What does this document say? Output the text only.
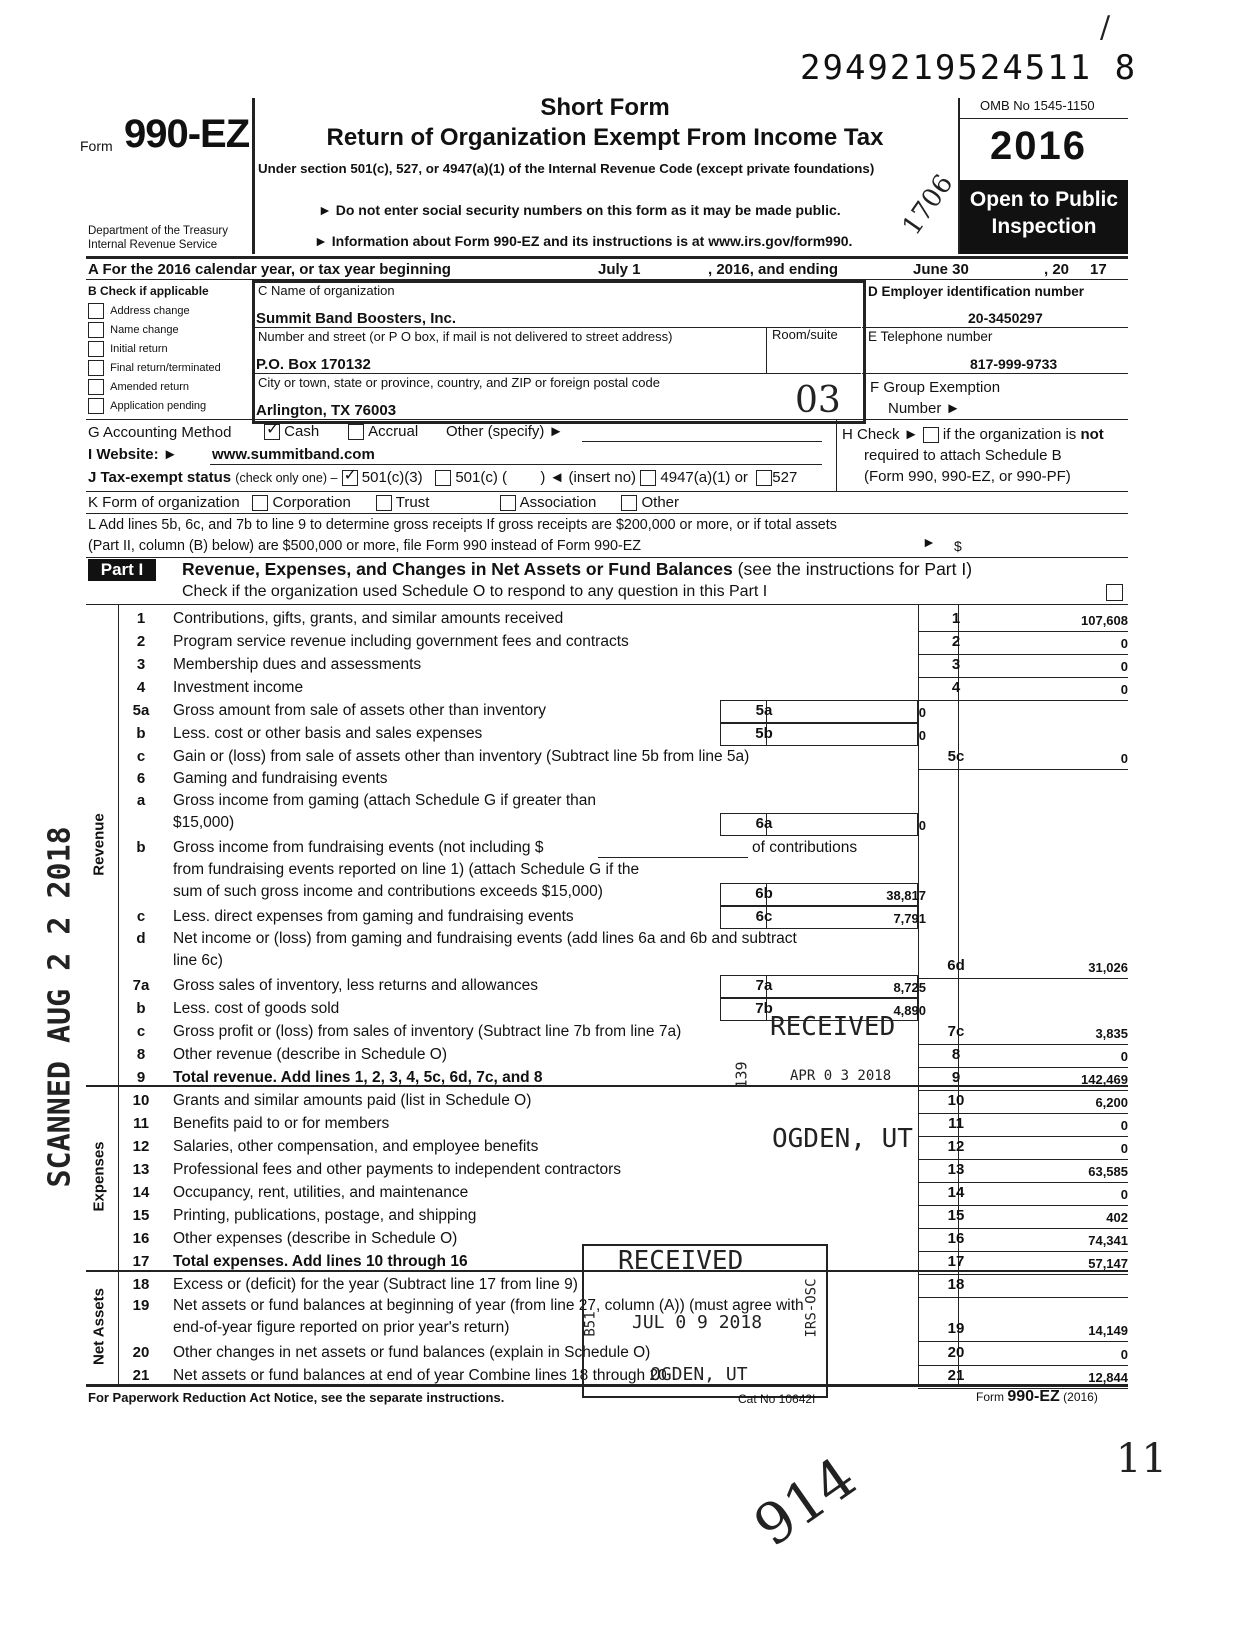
2949219524511 8
/
SCANNED AUG 2 2 2018
Form 990-EZ
Department of the Treasury
Internal Revenue Service
Short Form
Return of Organization Exempt From Income Tax
Under section 501(c), 527, or 4947(a)(1) of the Internal Revenue Code (except private foundations)
► Do not enter social security numbers on this form as it may be made public.
► Information about Form 990-EZ and its instructions is at www.irs.gov/form990.
1706
OMB No 1545-1150
2016
Open to Public
Inspection
A For the 2016 calendar year, or tax year beginning	July 1	, 2016, and ending	June 30	, 20 17
B Check if applicable
Address change
Name change
Initial return
Final return/terminated
Amended return
Application pending
C Name of organization
Summit Band Boosters, Inc.
Number and street (or P O box, if mail is not delivered to street address)	Room/suite
P.O. Box 170132
City or town, state or province, country, and ZIP or foreign postal code
Arlington, TX 76003	03
D Employer identification number
20-3450297
E Telephone number
817-999-9733
F Group Exemption
Number ►
G Accounting Method ✓ Cash	Accrual Other (specify) ►	H Check ► if the organization is not
required to attach Schedule B
(Form 990, 990-EZ, or 990-PF)
I Website: ► www.summitband.com
J Tax-exempt status (check only one) – ✓ 501(c)(3) 501(c) ( ) ◄ (insert no) 4947(a)(1) or 527
K Form of organization Corporation	Trust	Association	Other
L Add lines 5b, 6c, and 7b to line 9 to determine gross receipts If gross receipts are $200,000 or more, or if total assets
(Part II, column (B) below) are $500,000 or more, file Form 990 instead of Form 990-EZ	► $
Part I	Revenue, Expenses, and Changes in Net Assets or Fund Balances (see the instructions for Part I)
Check if the organization used Schedule O to respond to any question in this Part I
Revenue
Expenses
Net Assets
1	Contributions, gifts, grants, and similar amounts received	1	107,608
2	Program service revenue including government fees and contracts	2	0
3	Membership dues and assessments	3	0
4	Investment income	4	0
5a	Gross amount from sale of assets other than inventory	5a	0
b	Less. cost or other basis and sales expenses	5b	0
c	Gain or (loss) from sale of assets other than inventory (Subtract line 5b from line 5a)	5c	0
6	Gaming and fundraising events
a	Gross income from gaming (attach Schedule G if greater than
$15,000)	6a	0
b	Gross income from fundraising events (not including $	of contributions
from fundraising events reported on line 1) (attach Schedule G if the
sum of such gross income and contributions exceeds $15,000)	6b	38,817
c	Less. direct expenses from gaming and fundraising events	6c	7,791
d	Net income or (loss) from gaming and fundraising events (add lines 6a and 6b and subtract
line 6c)	6d	31,026
7a	Gross sales of inventory, less returns and allowances	7a	8,725
b	Less. cost of goods sold	7b	4,890
c	Gross profit or (loss) from sales of inventory (Subtract line 7b from line 7a)	7c	3,835
8	Other revenue (describe in Schedule O)	8	0
9	Total revenue. Add lines 1, 2, 3, 4, 5c, 6d, 7c, and 8	9	142,469
10	Grants and similar amounts paid (list in Schedule O)	10	6,200
11	Benefits paid to or for members	11	0
12	Salaries, other compensation, and employee benefits	12	0
13	Professional fees and other payments to independent contractors	13	63,585
14	Occupancy, rent, utilities, and maintenance	14	0
15	Printing, publications, postage, and shipping	15	402
16	Other expenses (describe in Schedule O)	16	74,341
17	Total expenses. Add lines 10 through 16	17	57,147
18	Excess or (deficit) for the year (Subtract line 17 from line 9)	18
19	Net assets or fund balances at beginning of year (from line 27, column (A)) (must agree with
end-of-year figure reported on prior year's return)	19	14,149
20	Other changes in net assets or fund balances (explain in Schedule O)	20	0
21	Net assets or fund balances at end of year Combine lines 18 through 20	21	12,844
RECEIVED
APR 0 3 2018
139
OGDEN, UT
RECEIVED
JUL 0 9 2018
B51	IRS-OSC
OGDEN, UT
For Paperwork Reduction Act Notice, see the separate instructions.	Cat No 10642I	Form 990-EZ (2016)
11
914
